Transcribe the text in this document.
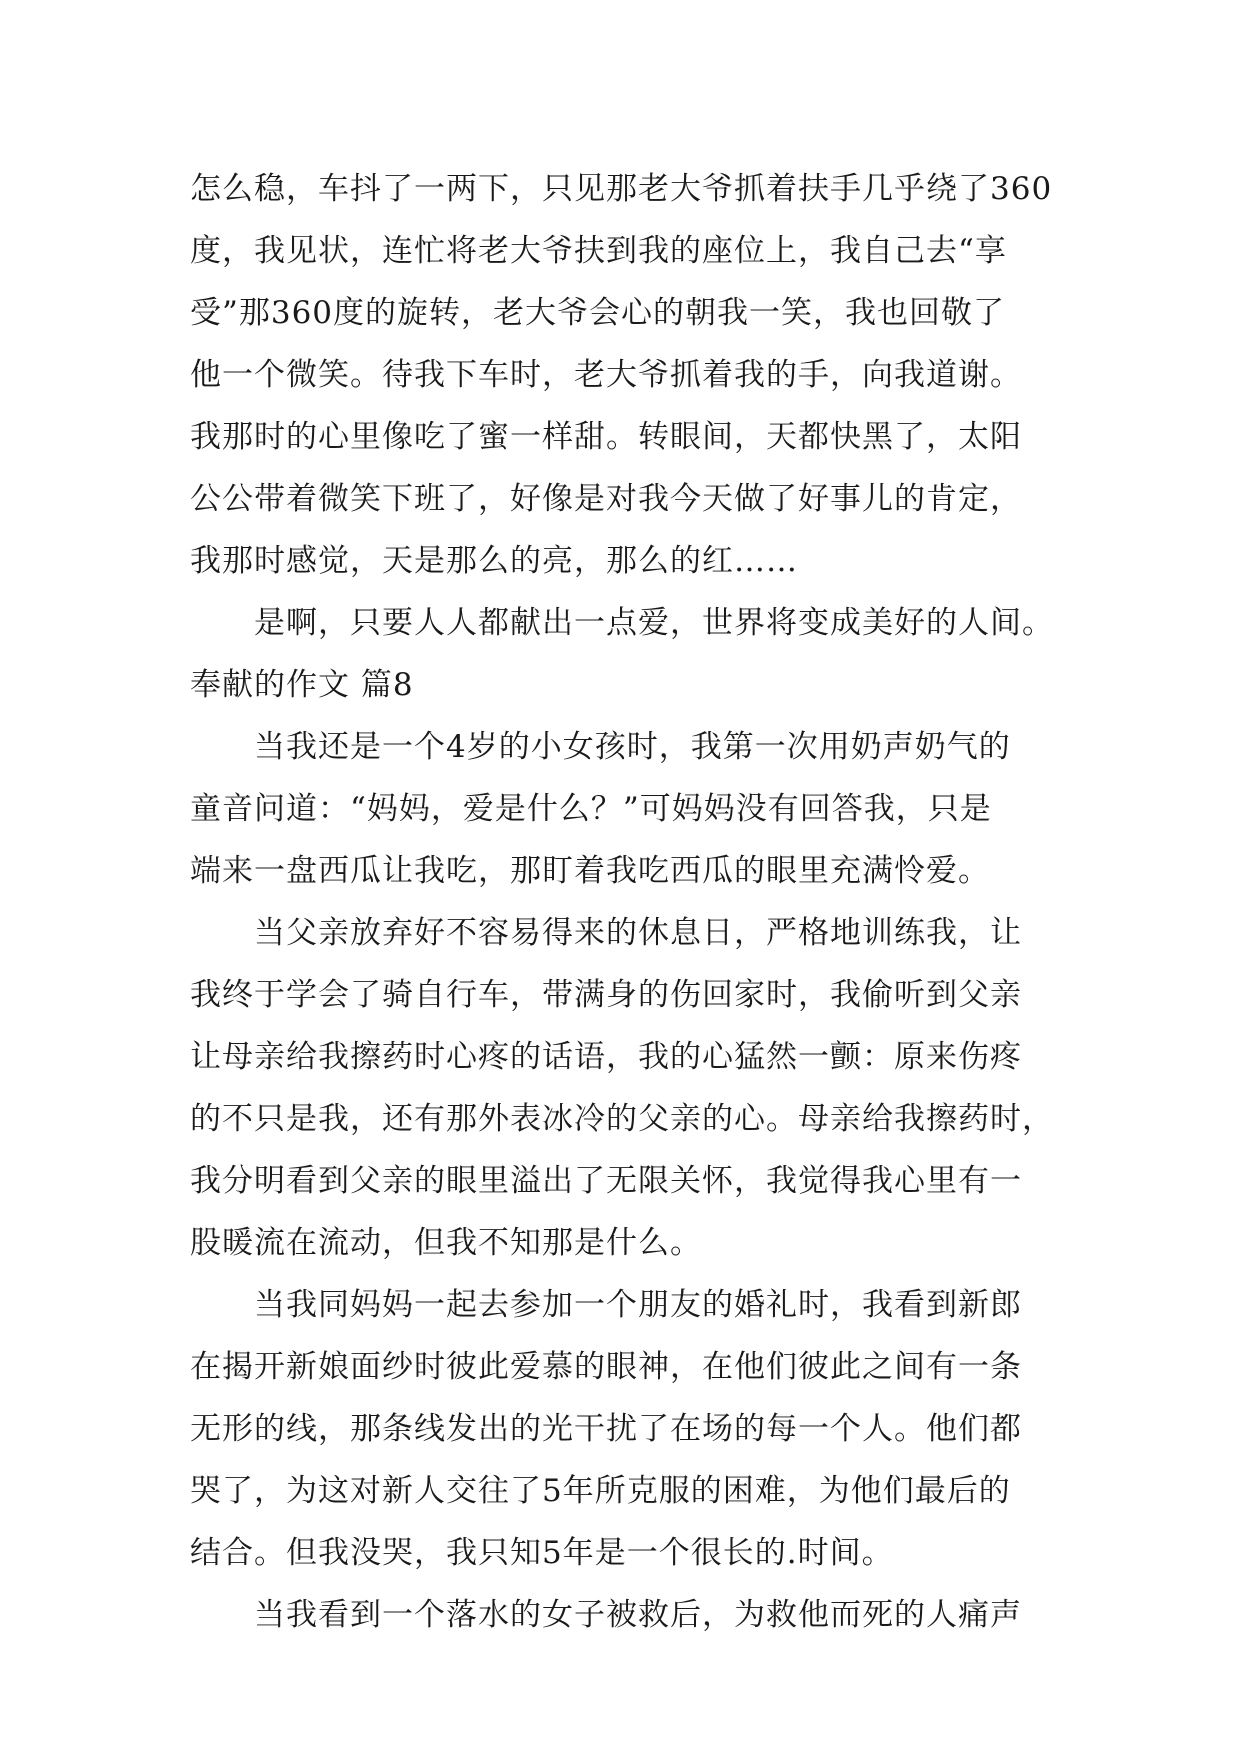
怎么稳，车抖了一两下，只见那老大爷抓着扶手几乎绕了360
度，我见状，连忙将老大爷扶到我的座位上，我自己去“享
受”那360度的旋转，老大爷会心的朝我一笑，我也回敬了
他一个微笑。待我下车时，老大爷抓着我的手，向我道谢。
我那时的心里像吃了蜜一样甜。转眼间，天都快黑了，太阳
公公带着微笑下班了，好像是对我今天做了好事儿的肯定，
我那时感觉，天是那么的亮，那么的红……
是啊，只要人人都献出一点爱，世界将变成美好的人间。
奉献的作文 篇8
当我还是一个4岁的小女孩时，我第一次用奶声奶气的
童音问道：“妈妈，爱是什么？”可妈妈没有回答我，只是
端来一盘西瓜让我吃，那盯着我吃西瓜的眼里充满怜爱。
当父亲放弃好不容易得来的休息日，严格地训练我，让
我终于学会了骑自行车，带满身的伤回家时，我偷听到父亲
让母亲给我擦药时心疼的话语，我的心猛然一颤：原来伤疼
的不只是我，还有那外表冰冷的父亲的心。母亲给我擦药时，
我分明看到父亲的眼里溢出了无限关怀，我觉得我心里有一
股暖流在流动，但我不知那是什么。
当我同妈妈一起去参加一个朋友的婚礼时，我看到新郎
在揭开新娘面纱时彼此爱慕的眼神，在他们彼此之间有一条
无形的线，那条线发出的光干扰了在场的每一个人。他们都
哭了，为这对新人交往了5年所克服的困难，为他们最后的
结合。但我没哭，我只知5年是一个很长的.时间。
当我看到一个落水的女子被救后，为救他而死的人痛声
